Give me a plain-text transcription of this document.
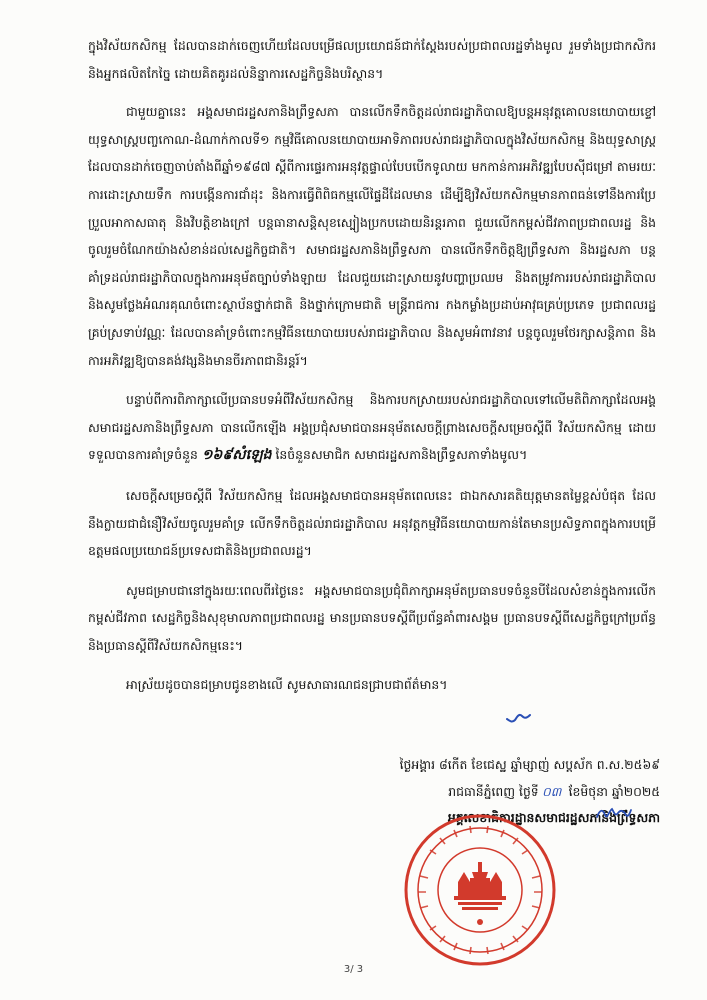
ក្នុងវិស័យកសិកម្ម ដែលបានដាក់ចេញហើយដែលបម្រើផលប្រយោជន៍ជាក់ស្តែងរបស់ប្រជាពលរដ្ឋទាំងមូល រួមទាំងប្រជាកសិករ និងអ្នកផលិតកែច្នៃ ដោយគិតគូរដល់និន្នាការសេដ្ឋកិច្ចនិងបរិស្ថាន។

ជាមួយគ្នានេះ អង្គសមាជរដ្ឋសភានិងព្រឹទ្ធសភា បានលើកទឹកចិត្តដល់រាជរដ្ឋាភិបាលឱ្យបន្តអនុវត្តគោលនយោបាយខ្ទៅ យុទ្ធសាស្ត្របញ្ចកោណ-ដំណាក់កាលទី១ កម្មវិធីគោលនយោបាយអាទិភាពរបស់រាជរដ្ឋាភិបាលក្នុងវិស័យកសិកម្ម និងយុទ្ធសាស្ត្រដែលបានដាក់ចេញចាប់តាំងពីឆ្នាំ១៩៨៧ ស្តីពីការផ្ទេរការអនុវត្តផ្ទាល់បែបបើកទូលាយ មកកាន់ការអភិវឌ្ឍបែបស៊ីជម្រៅ តាមរយៈការដោះស្រាយទឹក ការបង្កើនការជាំដុះ និងការធ្វើពិពិធកម្មលើផ្ទៃដីដែលមាន ដើម្បីឱ្យវិស័យកសិកម្មមានភាពធន់ទៅនឹងការប្រែប្រួលអាកាសធាតុ និងវិបត្តិខាងក្រៅ បន្តធានាសន្តិសុខស្បៀងប្រកបដោយនិរន្តរភាព ជួយលើកកម្ពស់ជីវភាពប្រជាពលរដ្ឋ និងចូលរួមចំណែកយ៉ាងសំខាន់ដល់សេដ្ឋកិច្ចជាតិ។ សមាជរដ្ឋសភានិងព្រឹទ្ធសភា បានលើកទឹកចិត្តឱ្យព្រឹទ្ធសភា និងរដ្ឋសភា បន្តគាំទ្រដល់រាជរដ្ឋាភិបាលក្នុងការអនុម័តច្បាប់ទាំងឡាយ ដែលជួយដោះស្រាយនូវបញ្ហាប្រឈម និងតម្រូវការរបស់រាជរដ្ឋាភិបាលនិងសូមថ្លែងអំណរគុណចំពោះស្ថាប័នថ្នាក់ជាតិ និងថ្នាក់ក្រោមជាតិ មន្ត្រីរាជការ កងកម្លាំងប្រដាប់អាវុធគ្រប់ប្រភេទ ប្រជាពលរដ្ឋ គ្រប់ស្រទាប់វណ្ណៈ ដែលបានគាំទ្រចំពោះកម្មវិធីនយោបាយរបស់រាជរដ្ឋាភិបាល និងសូមអំពាវនាវ បន្តចូលរួមថែរក្សាសន្តិភាព និងការអភិវឌ្ឍឱ្យបានគង់វង្សនិងមានចីរភាពជានិរន្តរ៍។

បន្ទាប់ពីការពិភាក្សាលើប្រធានបទអំពីវិស័យកសិកម្ម និងការបកស្រាយរបស់រាជរដ្ឋាភិបាលទៅលើមតិពិភាក្សាដែលអង្គសមាជរដ្ឋសភានិងព្រឹទ្ធសភា បានលើកឡើង អង្គប្រជុំសមាជបានអនុម័តសេចក្តីព្រាងសេចក្តីសម្រេចស្តីពី វិស័យកសិកម្ម ដោយទទួលបានការគាំទ្រចំនួន ១៦៩សំឡេង នៃចំនួនសមាជិក សមាជរដ្ឋសភានិងព្រឹទ្ធសភាទាំងមូល។

សេចក្តីសម្រេចស្តីពី វិស័យកសិកម្ម ដែលអង្គសមាជបានអនុម័តពេលនេះ ជាឯកសារគតិយុត្តមានតម្លៃខ្ពស់បំផុត ដែលនឹងក្លាយជាជំនឿវិស័យចូលរួមគាំទ្រ លើកទឹកចិត្តដល់រាជរដ្ឋាភិបាល អនុវត្តកម្មវិធីនយោបាយកាន់តែមានប្រសិទ្ធភាពក្នុងការបម្រើឧត្តមផលប្រយោជន៍ប្រទេសជាតិនិងប្រជាពលរដ្ឋ។

សូមជម្រាបជានៅក្នុងរយៈពេលពីរថ្ងៃនេះ អង្គសមាជបានប្រជុំពិភាក្សាអនុម័តប្រធានបទចំនួនបីដែលសំខាន់ក្នុងការលើកកម្ពស់ជីវភាព សេដ្ឋកិច្ចនិងសុខុមាលភាពប្រជាពលរដ្ឋ មានប្រធានបទស្តីពីប្រព័ន្ធគាំពារសង្គម ប្រធានបទស្តីពីសេដ្ឋកិច្ចក្រៅប្រព័ន្ធនិងប្រធានស្តីពីវិស័យកសិកម្មនេះ។

អាស្រ័យដូចបានជម្រាបជូនខាងលើ សូមសាធារណជនជ្រាបជាព័ត៌មាន។

ថ្ងៃអង្គារ ៨កើត ខែជេស្ឋ ឆ្នាំម្សាញ់ សប្តស័ក ព.ស.២៥៦៩
រាជធានីភ្នំពេញ ថ្ងៃទី ០៣ ខែមិថុនា ឆ្នាំ២០២៥
អគ្គលេខាធិការដ្ឋានសមាជរដ្ឋសភានិងព្រឹទ្ធសភា
3/ 3
